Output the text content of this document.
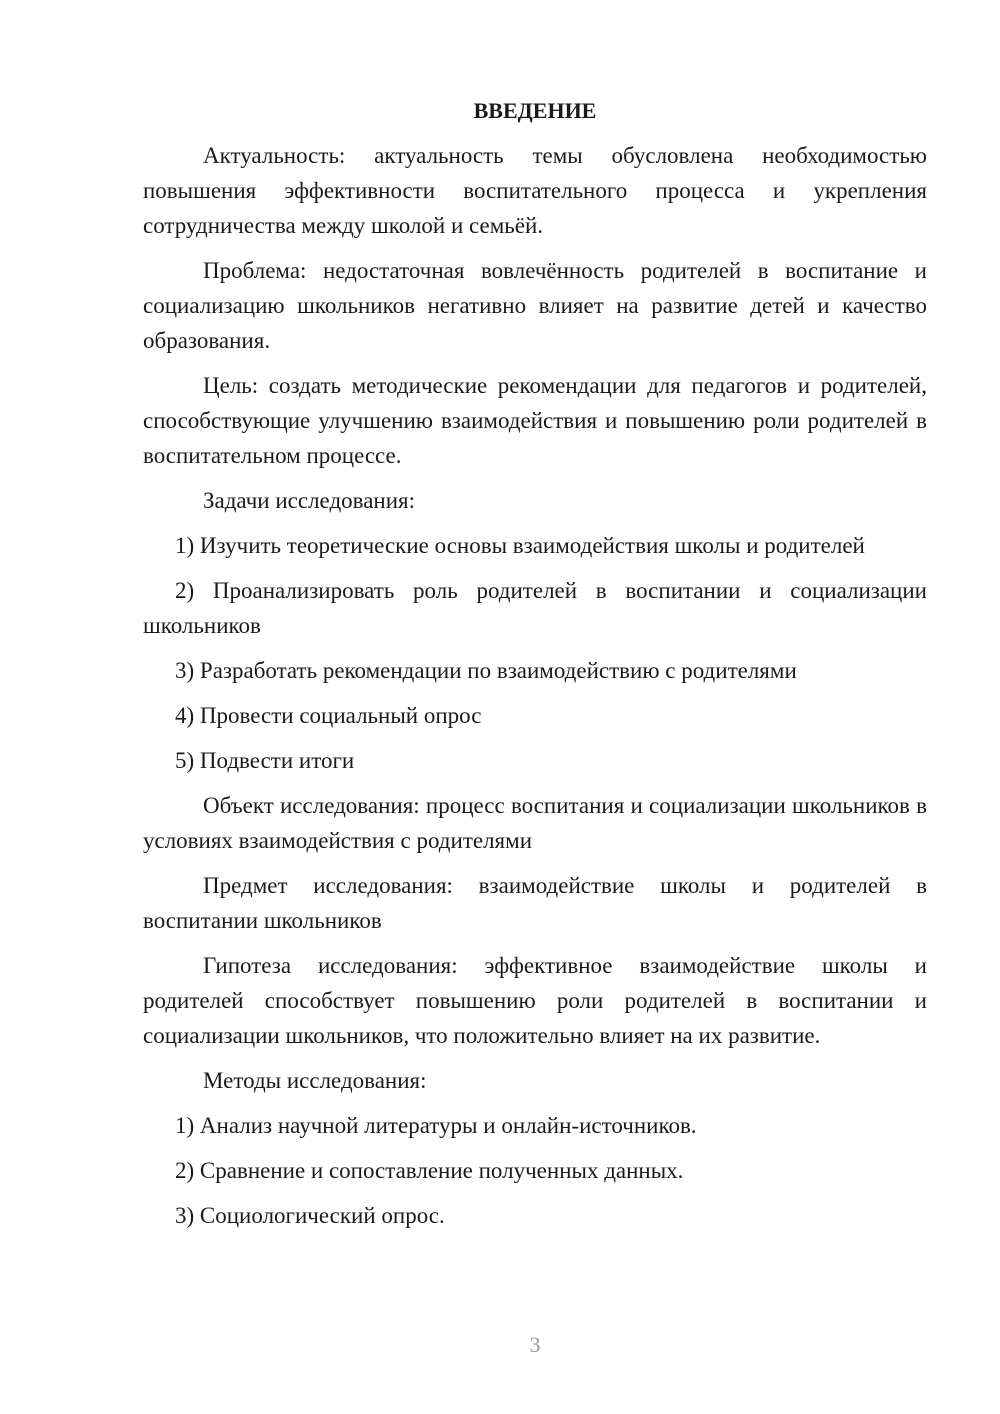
ВВЕДЕНИЕ

Актуальность: актуальность темы обусловлена необходимостью повышения эффективности воспитательного процесса и укрепления сотрудничества между школой и семьёй.

Проблема: недостаточная вовлечённость родителей в воспитание и социализацию школьников негативно влияет на развитие детей и качество образования.

Цель: создать методические рекомендации для педагогов и родителей, способствующие улучшению взаимодействия и повышению роли родителей в воспитательном процессе.

Задачи исследования:

1) Изучить теоретические основы взаимодействия школы и родителей

2) Проанализировать роль родителей в воспитании и социализации школьников

3) Разработать рекомендации по взаимодействию с родителями

4) Провести социальный опрос

5) Подвести итоги

Объект исследования: процесс воспитания и социализации школьников в условиях взаимодействия с родителями

Предмет исследования: взаимодействие школы и родителей в воспитании школьников

Гипотеза исследования: эффективное взаимодействие школы и родителей способствует повышению роли родителей в воспитании и социализации школьников, что положительно влияет на их развитие.

Методы исследования:

1) Анализ научной литературы и онлайн-источников.

2) Сравнение и сопоставление полученных данных.

3) Социологический опрос.

3
